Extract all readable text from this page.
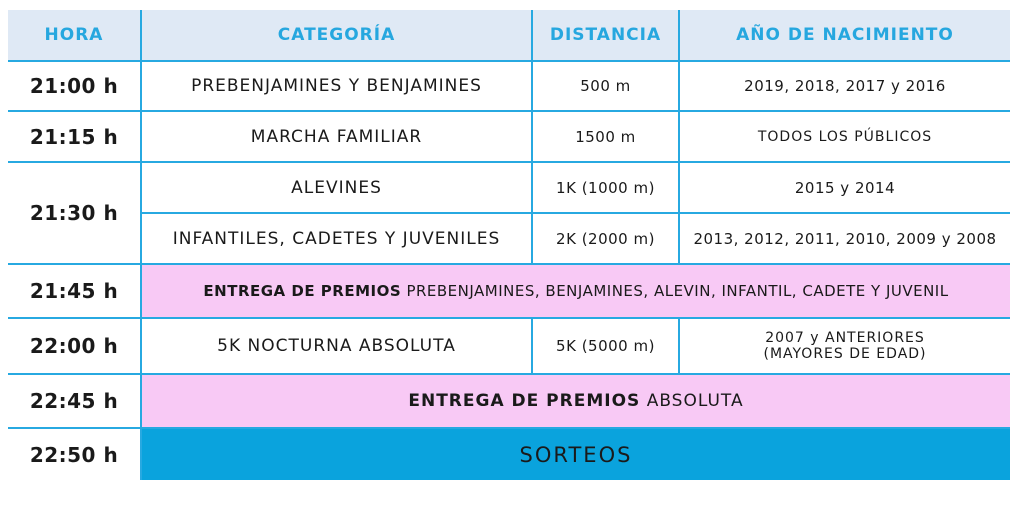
HORA	CATEGORÍA	DISTANCIA	AÑO DE NACIMIENTO
21:00 h	PREBENJAMINES Y BENJAMINES	500 m	2019, 2018, 2017 y 2016
21:15 h	MARCHA FAMILIAR	1500 m	TODOS LOS PÚBLICOS
21:30 h	ALEVINES	1K (1000 m)	2015 y 2014
	INFANTILES, CADETES Y JUVENILES	2K (2000 m)	2013, 2012, 2011, 2010, 2009 y 2008
21:45 h	ENTREGA DE PREMIOS PREBENJAMINES, BENJAMINES, ALEVIN, INFANTIL, CADETE Y JUVENIL		
22:00 h	5K NOCTURNA ABSOLUTA	5K (5000 m)	2007 y ANTERIORES
(MAYORES DE EDAD)

22:45 h	ENTREGA DE PREMIOS ABSOLUTA		
22:50 h	SORTEOS		
